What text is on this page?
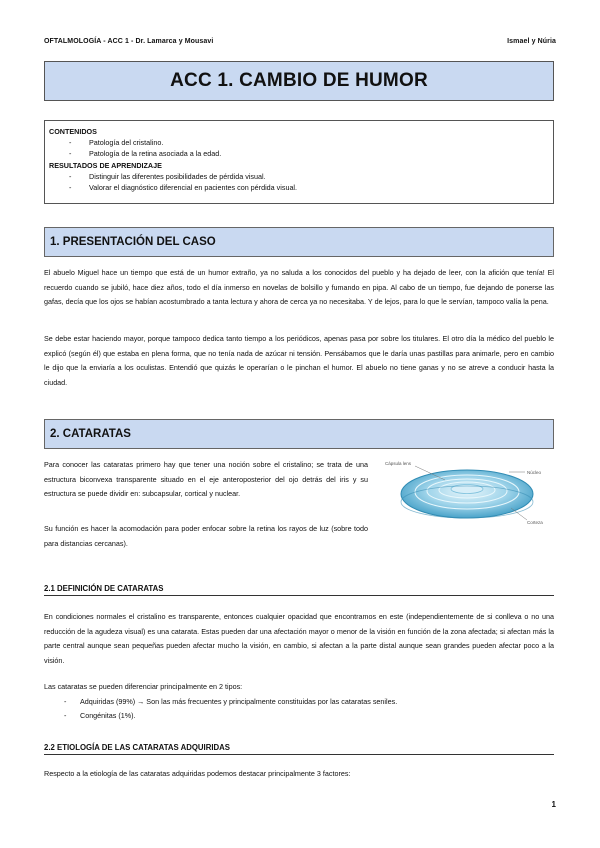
OFTALMOLOGÍA - ACC 1 - Dr. Lamarca y Mousavi	Ismael y Núria
ACC 1. CAMBIO DE HUMOR
CONTENIDOS
-	Patología del cristalino.
-	Patología de la retina asociada a la edad.
RESULTADOS DE APRENDIZAJE
-	Distinguir las diferentes posibilidades de pérdida visual.
-	Valorar el diagnóstico diferencial en pacientes con pérdida visual.
1. PRESENTACIÓN DEL CASO
El abuelo Miguel hace un tiempo que está de un humor extraño, ya no saluda a los conocidos del pueblo y ha dejado de leer, con la afición que tenía! El recuerdo cuando se jubiló, hace diez años, todo el día inmerso en novelas de bolsillo y fumando en pipa. Al cabo de un tiempo, fue dejando de ponerse las gafas, decía que los ojos se habían acostumbrado a tanta lectura y ahora de cerca ya no necesitaba. Y de lejos, para lo que le servían, tampoco valía la pena.
Se debe estar haciendo mayor, porque tampoco dedica tanto tiempo a los periódicos, apenas pasa por sobre los titulares. El otro día la médico del pueblo le explicó (según él) que estaba en plena forma, que no tenía nada de azúcar ni tensión. Pensábamos que le daría unas pastillas para animarle, pero en cambio le dijo que la enviaría a los oculistas. Entendió que quizás le operarían o le pinchan el humor. El abuelo no tiene ganas y no se atreve a conducir hasta la ciudad.
2. CATARATAS
Para conocer las cataratas primero hay que tener una noción sobre el cristalino; se trata de una estructura biconvexa transparente situado en el eje anteroposterior del ojo detrás del iris y su estructura se puede dividir en: subcapsular, cortical y nuclear.
Su función es hacer la acomodación para poder enfocar sobre la retina los rayos de luz (sobre todo para distancias cercanas).
Cápsula lens
Núcleo
Corteza
2.1 DEFINICIÓN DE CATARATAS
En condiciones normales el cristalino es transparente, entonces cualquier opacidad que encontramos en este (independientemente de si conlleva o no una reducción de la agudeza visual) es una catarata. Estas pueden dar una afectación mayor o menor de la visión en función de la zona afectada; si afectan más la parte central aunque sean pequeñas pueden afectar mucho la visión, en cambio, si afectan a la parte distal aunque sean grandes pueden afectar poco a la visión.
Las cataratas se pueden diferenciar principalmente en 2 tipos:
-	Adquiridas (99%) → Son las más frecuentes y principalmente constituidas por las cataratas seniles.
-	Congénitas (1%).
2.2 ETIOLOGÍA DE LAS CATARATAS ADQUIRIDAS
Respecto a la etiología de las cataratas adquiridas podemos destacar principalmente 3 factores:
1
